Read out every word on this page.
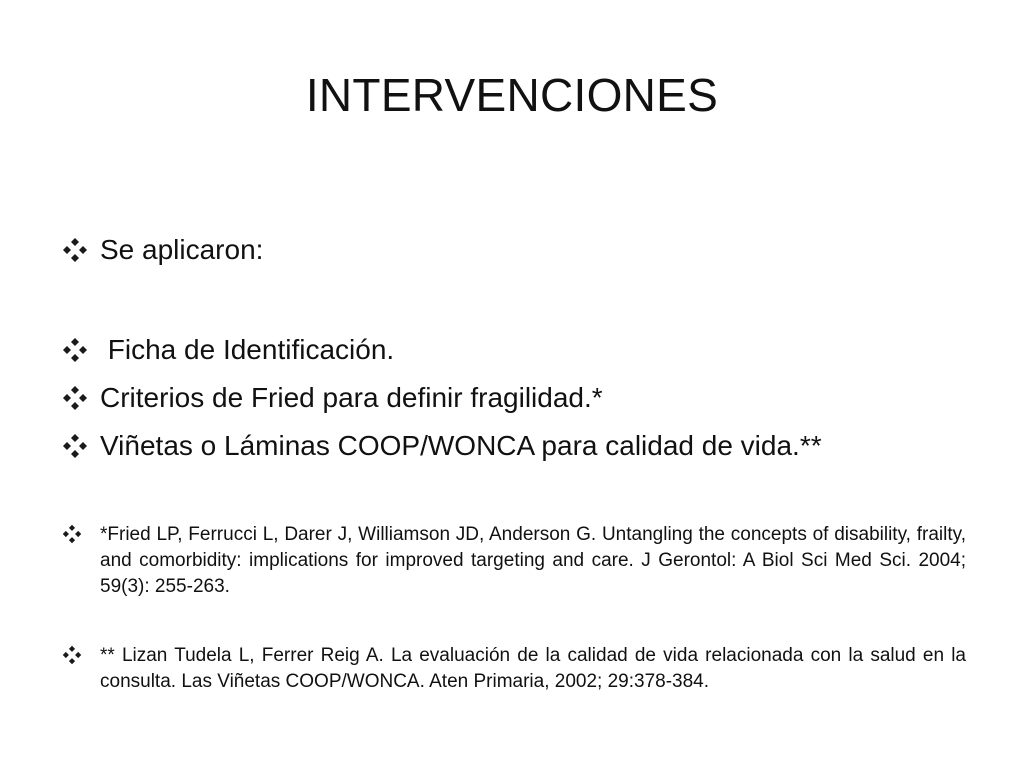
INTERVENCIONES
Se aplicaron:
Ficha de Identificación.
Criterios de Fried para definir fragilidad.*
Viñetas o Láminas COOP/WONCA para calidad de vida.**
*Fried LP, Ferrucci L, Darer J, Williamson JD, Anderson G. Untangling the concepts of disability, frailty, and comorbidity: implications for improved targeting and care. J Gerontol: A Biol Sci Med Sci. 2004; 59(3): 255-263.
** Lizan Tudela L, Ferrer Reig A. La evaluación de la calidad de vida relacionada con la salud en la consulta. Las Viñetas COOP/WONCA. Aten Primaria, 2002; 29:378-384.
